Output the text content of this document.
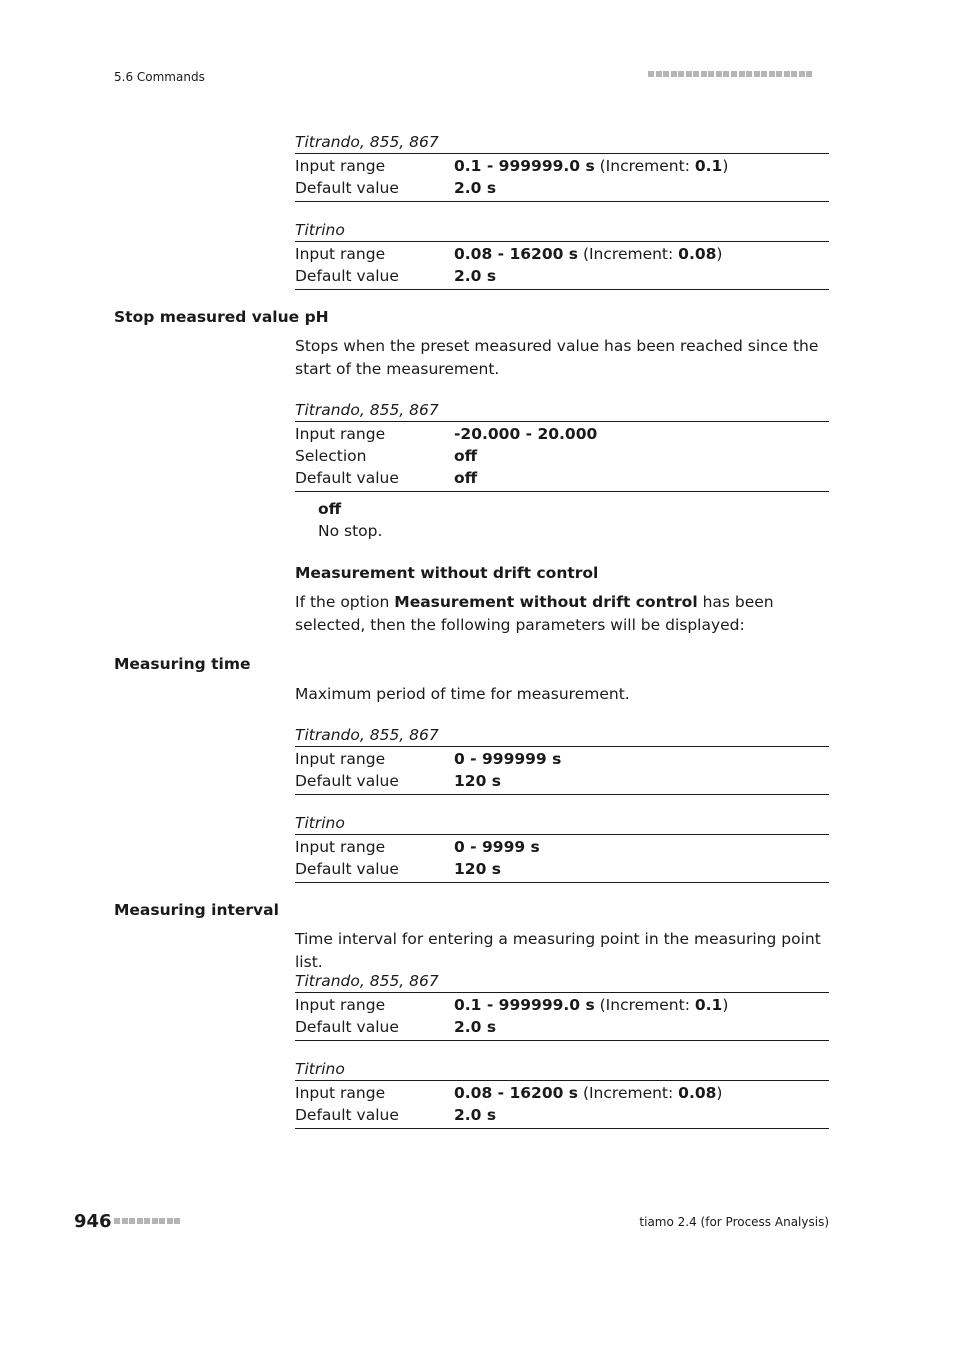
5.6 Commands
Titrando, 855, 867
Input range	0.1 - 999999.0 s (Increment: 0.1)
Default value	2.0 s
Titrino
Input range	0.08 - 16200 s (Increment: 0.08)
Default value	2.0 s
Stop measured value pH
Stops when the preset measured value has been reached since the start of the measurement.
Titrando, 855, 867
Input range	-20.000 - 20.000
Selection	off
Default value	off
off
No stop.
Measurement without drift control
If the option Measurement without drift control has been selected, then the following parameters will be displayed:
Measuring time
Maximum period of time for measurement.
Titrando, 855, 867
Input range	0 - 999999 s
Default value	120 s
Titrino
Input range	0 - 9999 s
Default value	120 s
Measuring interval
Time interval for entering a measuring point in the measuring point list.
Titrando, 855, 867
Input range	0.1 - 999999.0 s (Increment: 0.1)
Default value	2.0 s
Titrino
Input range	0.08 - 16200 s (Increment: 0.08)
Default value	2.0 s
946	tiamo 2.4 (for Process Analysis)
